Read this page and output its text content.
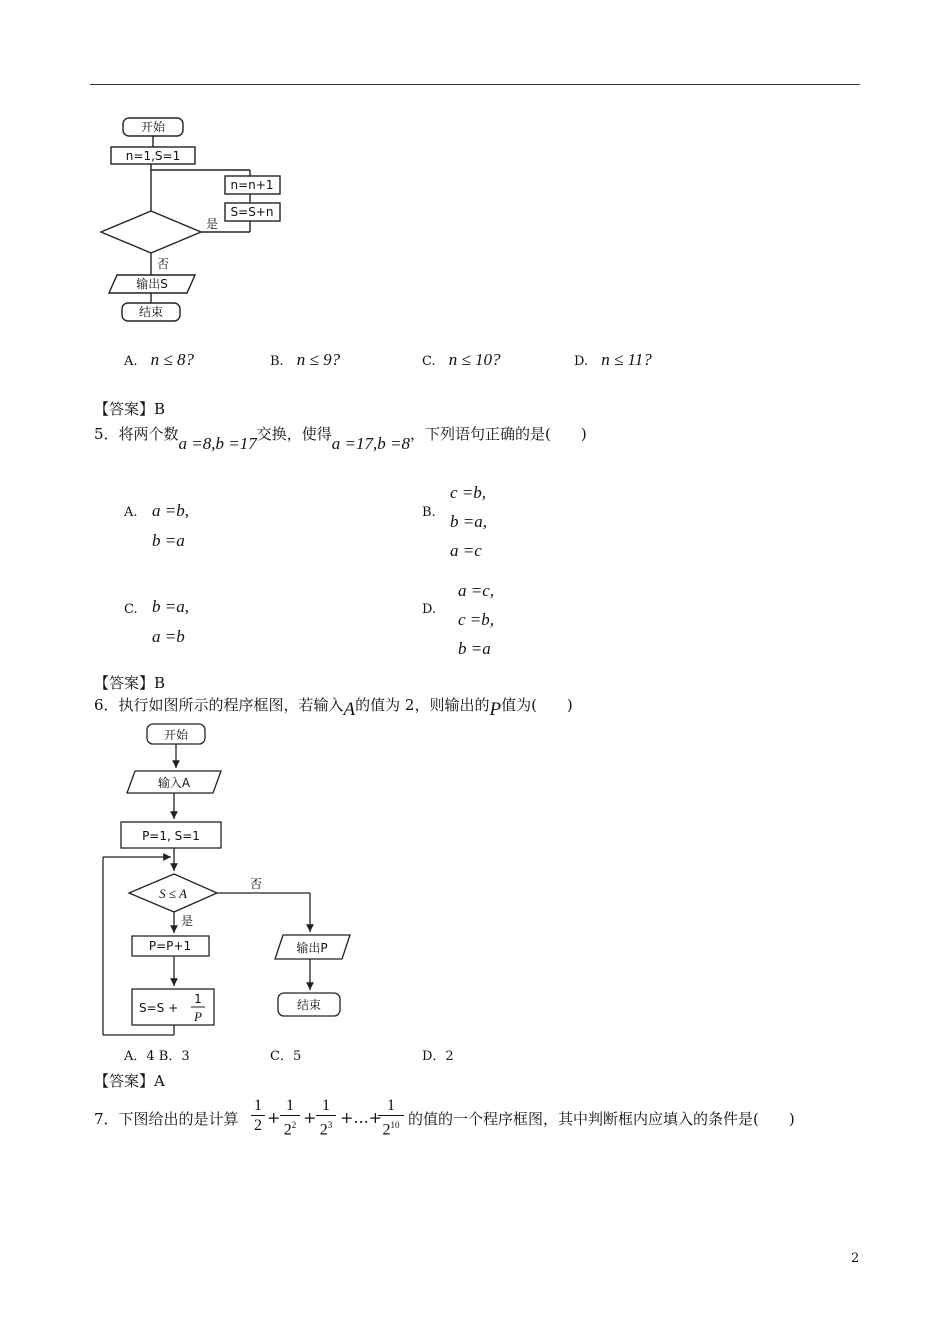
开始
n=1,S=1
n=n+1
S=S+n
是
否
输出S
结束
A. n ≤ 8?	B. n ≤ 9?	C. n ≤ 10?	D. n ≤ 11?
【答案】B
5．将两个数a =8,b =17交换，使得a =17,b =8，下列语句正确的是(　　)
A. a =b,
b =a
B.
c =b,
b =a,
a =c
C. b =a,
a =b
D.
a =c,
c =b,
b =a
【答案】B
6．执行如图所示的程序框图，若输入A的值为 2，则输出的P值为(　　)
开始
输入A
P=1, S=1
S ≤ A
否
是
P=P+1
S=S +
1
P
输出P
结束
A．4 B．3	C．5	D．2
【答案】A
7．下图给出的是计算
1
2 +
1
$2^2$ +
1
$2^3$ +...+
1
$2^{10}$ 的值的一个程序框图，其中判断框内应填入的条件是(　　)
2
